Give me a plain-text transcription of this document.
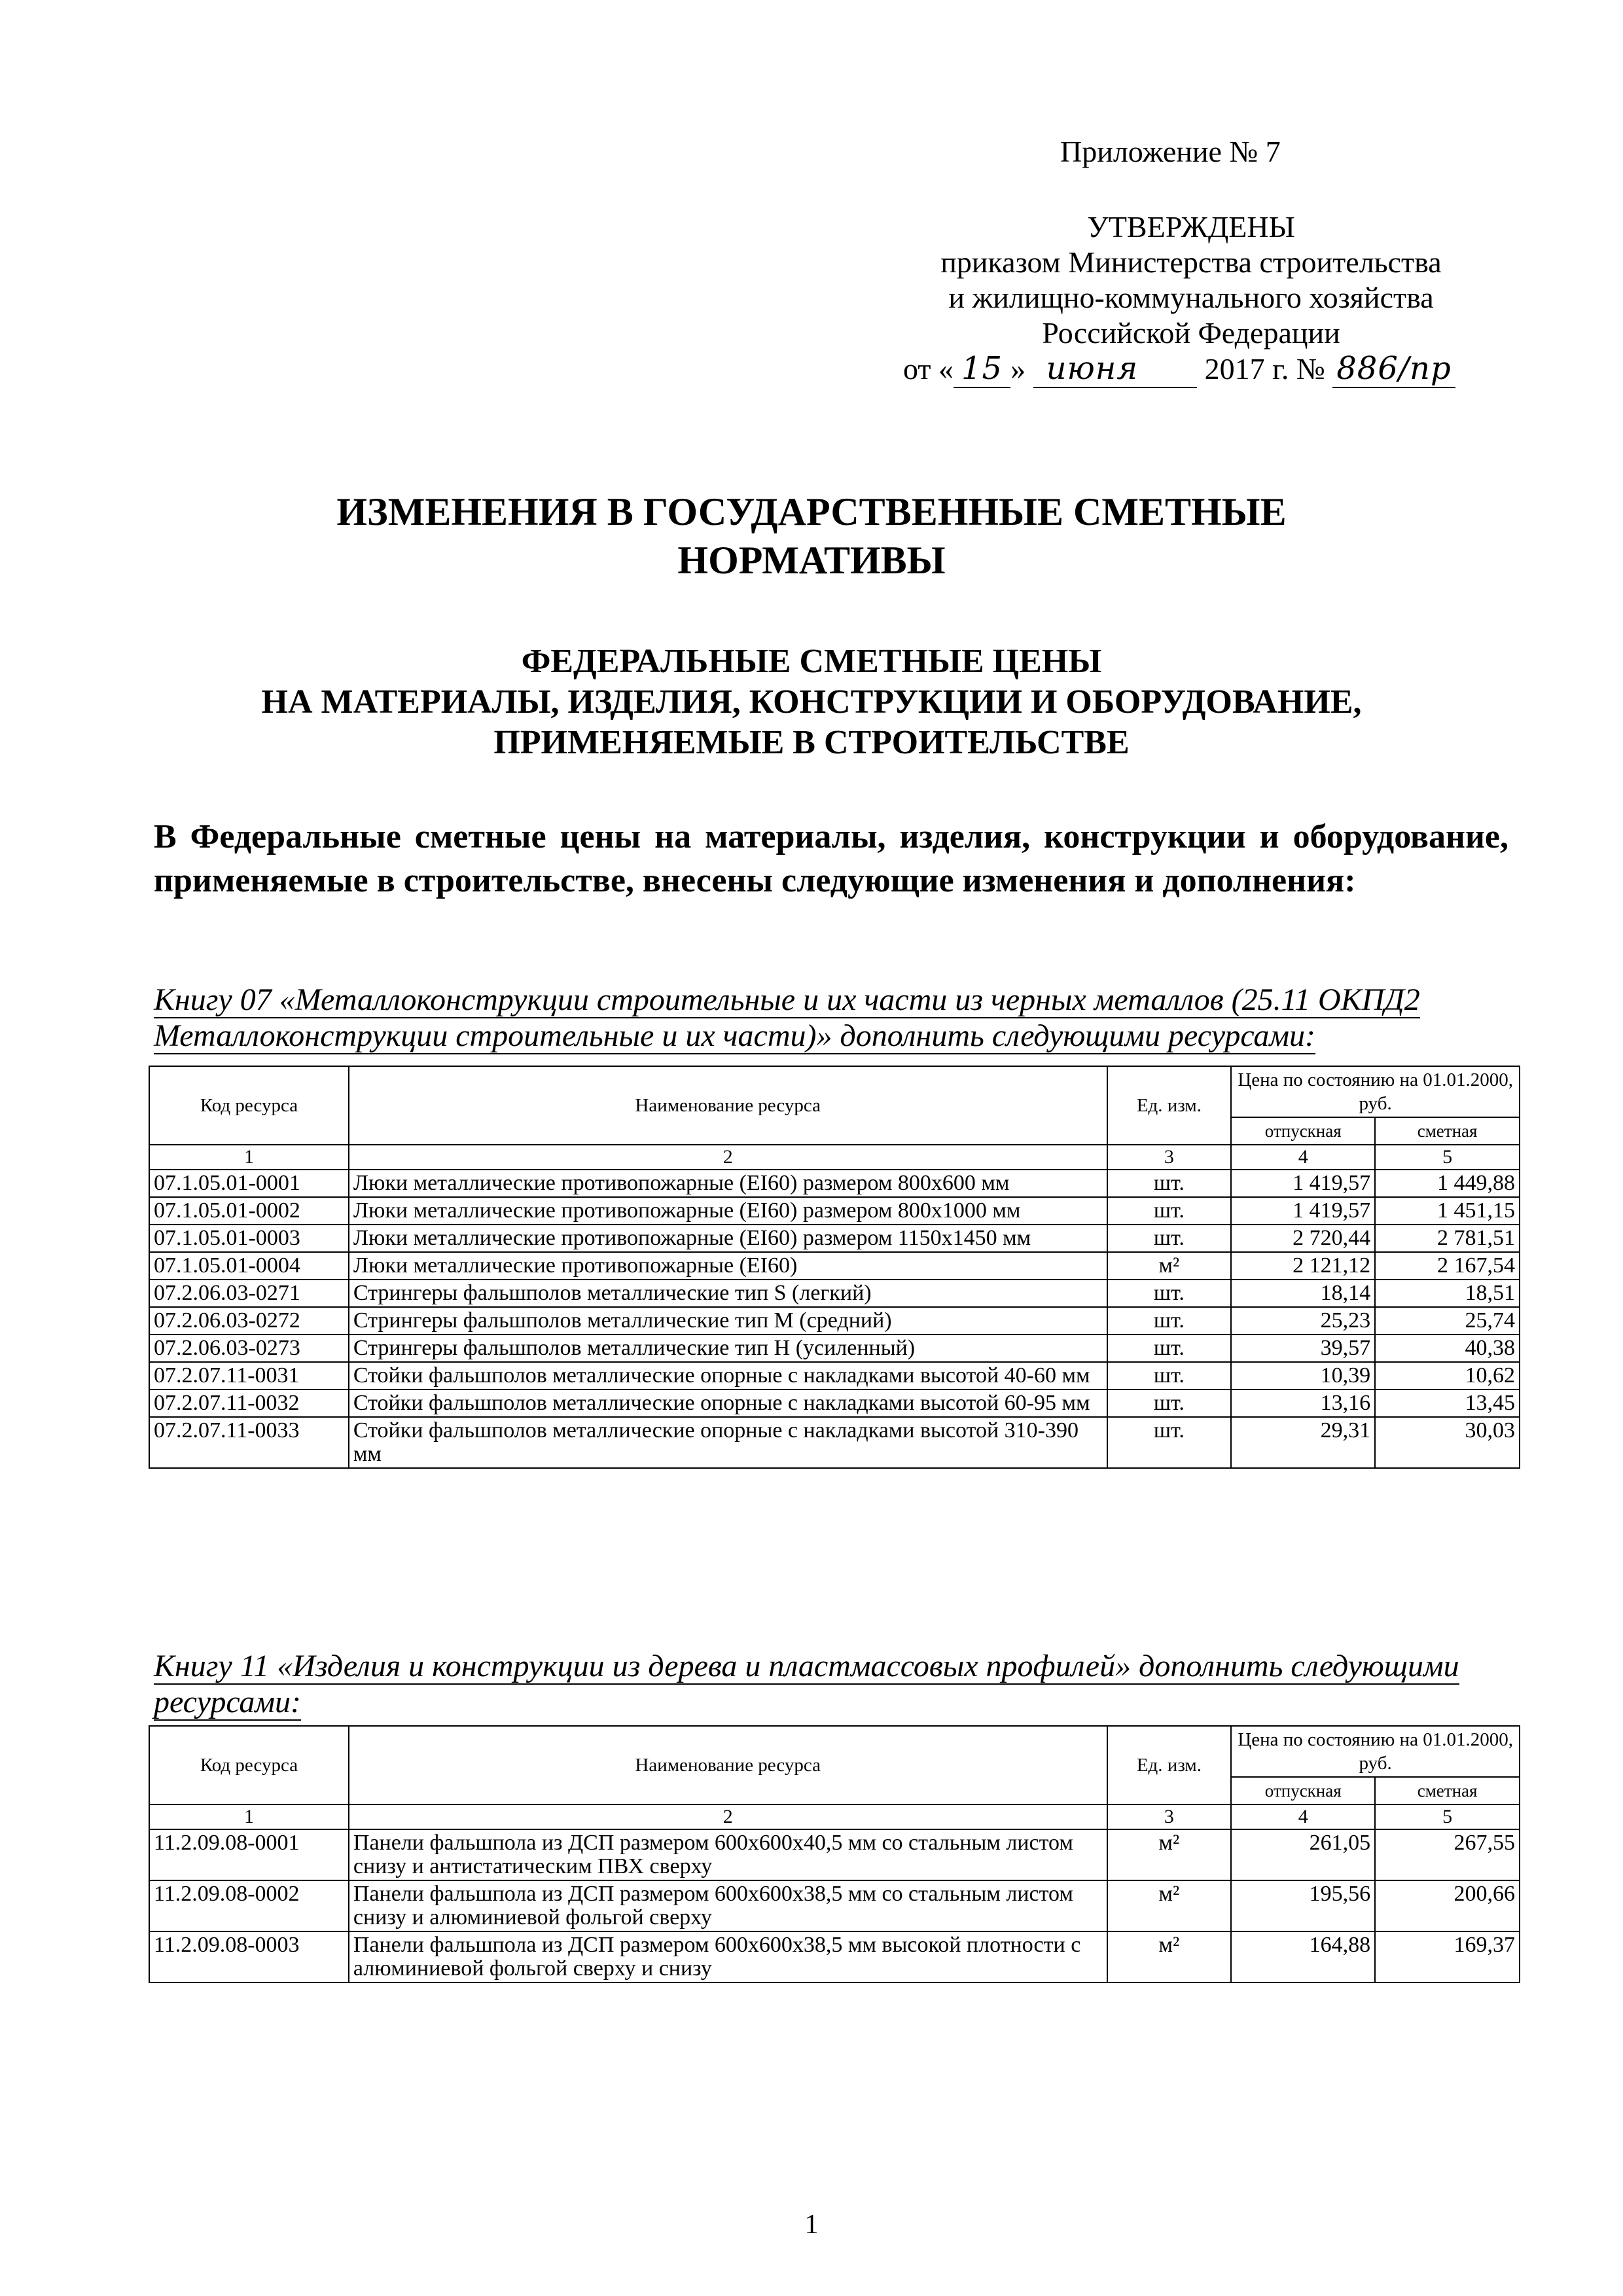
Приложение № 7
УТВЕРЖДЕНЫ
приказом Министерства строительства
и жилищно-коммунального хозяйства
Российской Федерации
от « 15 » июня 2017 г. № 886/пр
ИЗМЕНЕНИЯ В ГОСУДАРСТВЕННЫЕ СМЕТНЫЕ
НОРМАТИВЫ
ФЕДЕРАЛЬНЫЕ СМЕТНЫЕ ЦЕНЫ
НА МАТЕРИАЛЫ, ИЗДЕЛИЯ, КОНСТРУКЦИИ И ОБОРУДОВАНИЕ,
ПРИМЕНЯЕМЫЕ В СТРОИТЕЛЬСТВЕ
В Федеральные сметные цены на материалы, изделия, конструкции и оборудование, применяемые в строительстве, внесены следующие изменения и дополнения:
Книгу 07 «Металлоконструкции строительные и их части из черных металлов (25.11 ОКПД2 Металлоконструкции строительные и их части)» дополнить следующими ресурсами:
Код ресурса	Наименование ресурса	Ед. изм.	Цена по состоянию на 01.01.2000, руб.	
			отпускная	сметная
1	2	3	4	5
07.1.05.01-0001	Люки металлические противопожарные (EI60) размером 800x600 мм	шт.	1 419,57	1 449,88
07.1.05.01-0002	Люки металлические противопожарные (EI60) размером 800x1000 мм	шт.	1 419,57	1 451,15
07.1.05.01-0003	Люки металлические противопожарные (EI60) размером 1150x1450 мм	шт.	2 720,44	2 781,51
07.1.05.01-0004	Люки металлические противопожарные (EI60)	м²	2 121,12	2 167,54
07.2.06.03-0271	Стрингеры фальшполов металлические тип S (легкий)	шт.	18,14	18,51
07.2.06.03-0272	Стрингеры фальшполов металлические тип M (средний)	шт.	25,23	25,74
07.2.06.03-0273	Стрингеры фальшполов металлические тип H (усиленный)	шт.	39,57	40,38
07.2.07.11-0031	Стойки фальшполов металлические опорные с накладками высотой 40-60 мм	шт.	10,39	10,62
07.2.07.11-0032	Стойки фальшполов металлические опорные с накладками высотой 60-95 мм	шт.	13,16	13,45
07.2.07.11-0033	Стойки фальшполов металлические опорные с накладками высотой 310-390 мм	шт.	29,31	30,03
Книгу 11 «Изделия и конструкции из дерева и пластмассовых профилей» дополнить следующими ресурсами:
Код ресурса	Наименование ресурса	Ед. изм.	Цена по состоянию на 01.01.2000, руб.	
			отпускная	сметная
1	2	3	4	5
11.2.09.08-0001	Панели фальшпола из ДСП размером 600x600x40,5 мм со стальным листом снизу и антистатическим ПВХ сверху	м²	261,05	267,55
11.2.09.08-0002	Панели фальшпола из ДСП размером 600x600x38,5 мм со стальным листом снизу и алюминиевой фольгой сверху	м²	195,56	200,66
11.2.09.08-0003	Панели фальшпола из ДСП размером 600x600x38,5 мм высокой плотности с алюминиевой фольгой сверху и снизу	м²	164,88	169,37
1
